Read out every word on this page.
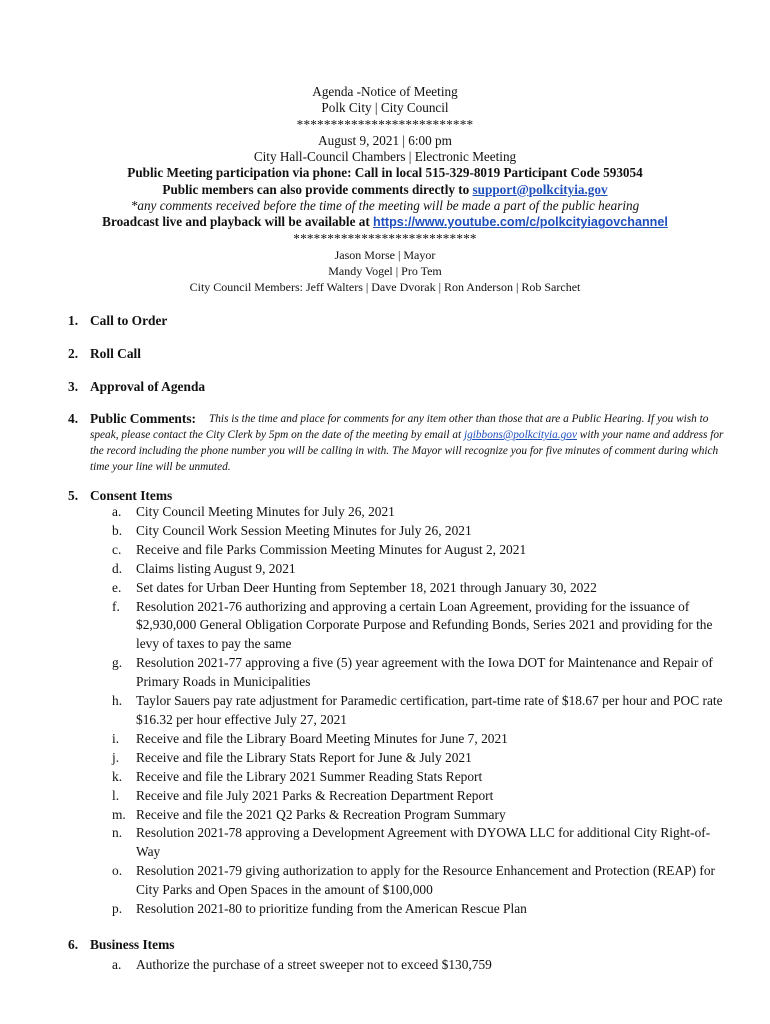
Agenda -Notice of Meeting
Polk City | City Council
**************************
August 9, 2021 | 6:00 pm
City Hall-Council Chambers | Electronic Meeting
Public Meeting participation via phone: Call in local 515-329-8019 Participant Code 593054
Public members can also provide comments directly to support@polkcityia.gov
*any comments received before the time of the meeting will be made a part of the public hearing
Broadcast live and playback will be available at https://www.youtube.com/c/polkcityiagovchannel
***************************
Jason Morse | Mayor
Mandy Vogel | Pro Tem
City Council Members: Jeff Walters | Dave Dvorak | Ron Anderson | Rob Sarchet
1. Call to Order
2. Roll Call
3. Approval of Agenda
4. Public Comments:	This is the time and place for comments for any item other than those that are a Public Hearing. If you wish to speak, please contact the City Clerk by 5pm on the date of the meeting by email at jgibbons@polkcityia.gov with your name and address for the record including the phone number you will be calling in with. The Mayor will recognize you for five minutes of comment during which time your line will be unmuted.
5. Consent Items
a. City Council Meeting Minutes for July 26, 2021
b. City Council Work Session Meeting Minutes for July 26, 2021
c. Receive and file Parks Commission Meeting Minutes for August 2, 2021
d. Claims listing August 9, 2021
e. Set dates for Urban Deer Hunting from September 18, 2021 through January 30, 2022
f. Resolution 2021-76 authorizing and approving a certain Loan Agreement, providing for the issuance of $2,930,000 General Obligation Corporate Purpose and Refunding Bonds, Series 2021 and providing for the levy of taxes to pay the same
g. Resolution 2021-77 approving a five (5) year agreement with the Iowa DOT for Maintenance and Repair of Primary Roads in Municipalities
h. Taylor Sauers pay rate adjustment for Paramedic certification, part-time rate of $18.67 per hour and POC rate $16.32 per hour effective July 27, 2021
i. Receive and file the Library Board Meeting Minutes for June 7, 2021
j. Receive and file the Library Stats Report for June & July 2021
k. Receive and file the Library 2021 Summer Reading Stats Report
l. Receive and file July 2021 Parks & Recreation Department Report
m. Receive and file the 2021 Q2 Parks & Recreation Program Summary
n. Resolution 2021-78 approving a Development Agreement with DYOWA LLC for additional City Right-of-Way
o. Resolution 2021-79 giving authorization to apply for the Resource Enhancement and Protection (REAP) for City Parks and Open Spaces in the amount of $100,000
p. Resolution 2021-80 to prioritize funding from the American Rescue Plan
6. Business Items
a. Authorize the purchase of a street sweeper not to exceed $130,759
